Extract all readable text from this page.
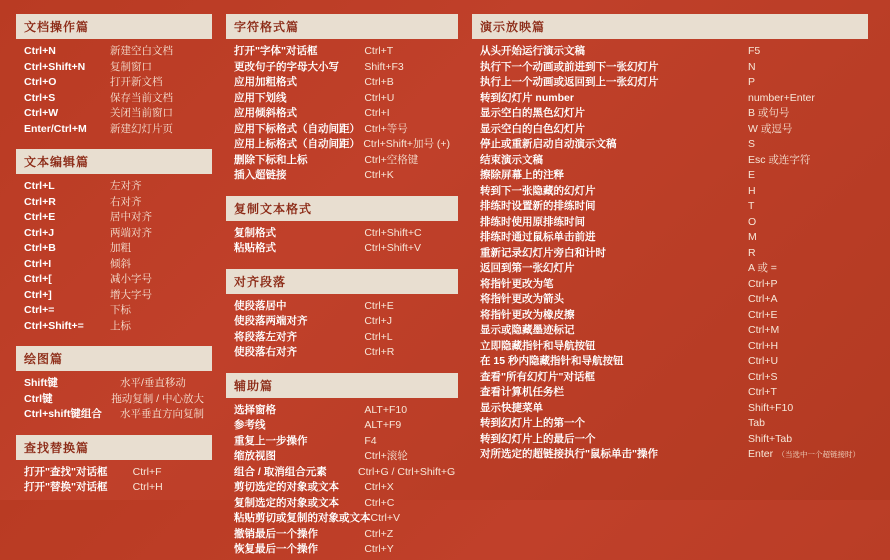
文档操作篇
Ctrl+N	新建空白文档
Ctrl+Shift+N	复制窗口
Ctrl+O	打开新文档
Ctrl+S	保存当前文档
Ctrl+W	关闭当前窗口
Enter/Ctrl+M	新建幻灯片页
文本编辑篇
Ctrl+L	左对齐
Ctrl+R	右对齐
Ctrl+E	居中对齐
Ctrl+J	两端对齐
Ctrl+B	加粗
Ctrl+I	倾斜
Ctrl+[	减小字号
Ctrl+]	增大字号
Ctrl+=	下标
Ctrl+Shift+=	上标
绘图篇
Shift键	水平/垂直移动
Ctrl键	拖动复制 / 中心放大
Ctrl+shift键组合	水平垂直方向复制
查找替换篇
打开"查找"对话框	Ctrl+F
打开"替换"对话框	Ctrl+H
字符格式篇
打开"字体"对话框	Ctrl+T
更改句子的字母大小写	Shift+F3
应用加粗格式	Ctrl+B
应用下划线	Ctrl+U
应用倾斜格式	Ctrl+I
应用下标格式（自动间距） Ctrl+等号
应用上标格式（自动间距） Ctrl+Shift+加号 (+)
删除下标和上标	Ctrl+空格键
插入超链接	Ctrl+K
复制文本格式
复制格式	Ctrl+Shift+C
粘贴格式	Ctrl+Shift+V
对齐段落
使段落居中	Ctrl+E
使段落两端对齐	Ctrl+J
将段落左对齐	Ctrl+L
使段落右对齐	Ctrl+R
辅助篇
选择窗格	ALT+F10
参考线	ALT+F9
重复上一步操作	F4
缩放视图	Ctrl+滚轮
组合 / 取消组合元素	Ctrl+G / Ctrl+Shift+G
剪切选定的对象或文本	Ctrl+X
复制选定的对象或文本	Ctrl+C
粘贴剪切或复制的对象或文本 Ctrl+V
撤销最后一个操作	Ctrl+Z
恢复最后一个操作	Ctrl+Y
演示放映篇
从头开始运行演示文稿	F5
执行下一个动画或前进到下一张幻灯片	N
执行上一个动画或返回到上一张幻灯片	P
转到幻灯片 number	number+Enter
显示空白的黑色幻灯片	B 或句号
显示空白的白色幻灯片	W 或逗号
停止或重新启动自动演示文稿	S
结束演示文稿	Esc 或连字符
擦除屏幕上的注释	E
转到下一张隐藏的幻灯片	H
排练时设置新的排练时间	T
排练时使用原排练时间	O
排练时通过鼠标单击前进	M
重新记录幻灯片旁白和计时	R
返回到第一张幻灯片	A 或 =
将指针更改为笔	Ctrl+P
将指针更改为箭头	Ctrl+A
将指针更改为橡皮擦	Ctrl+E
显示或隐藏墨迹标记	Ctrl+M
立即隐藏指针和导航按钮	Ctrl+H
在 15 秒内隐藏指针和导航按钮	Ctrl+U
查看"所有幻灯片"对话框	Ctrl+S
查看计算机任务栏	Ctrl+T
显示快捷菜单	Shift+F10
转到幻灯片上的第一个	Tab
转到幻灯片上的最后一个	Shift+Tab
对所选定的超链接执行"鼠标单击"操作	Enter （当选中一个超链接时）
